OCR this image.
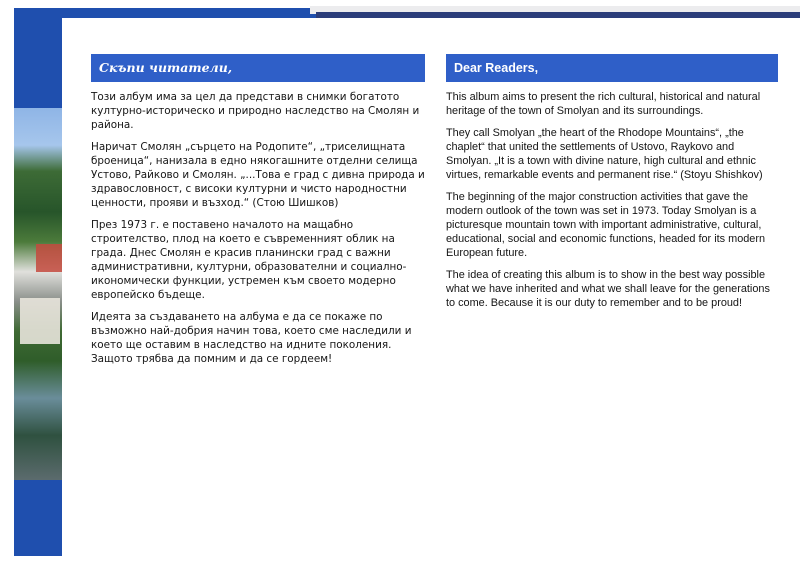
Скъпи читатели,

Този албум има за цел да представи в снимки богатото културно-историческо и природно наследство на Смолян и района.

Наричат Смолян „сърцето на Родопите“, „триселищната броеница“, нанизала в едно някогашните отделни селища Устово, Райково и Смолян. „...Това е град с дивна природа и здравословност, с високи културни и чисто народностни ценности, прояви и възход.“ (Стою Шишков)

През 1973 г. е поставено началото на мащабно строителство, плод на което е съвременният облик на града. Днес Смолян е красив планински град с важни административни, културни, образователни и социално-икономически функции, устремен към своето модерно европейско бъдеще.

Идеята за създаването на албума е да се покаже по възможно най-добрия начин това, което сме наследили и което ще оставим в наследство на идните поколения. Защото трябва да помним и да се гордеем!

Dear Readers,

This album aims to present the rich cultural, historical and natural heritage of the town of Smolyan and its surroundings.

They call Smolyan „the heart of the Rhodope Mountains“, „the chaplet“ that united the settlements of Ustovo, Raykovo and Smolyan. „It is a town with divine nature, high cultural and ethnic virtues, remarkable events and permanent rise.“ (Stoyu Shishkov)

The beginning of the major construction activities that gave the modern outlook of the town was set in 1973. Today Smolyan is a picturesque mountain town with important administrative, cultural, educational, social and economic functions, headed for its modern European future.

The idea of creating this album is to show in the best way possible what we have inherited and what we shall leave for the generations to come. Because it is our duty to remember and to be proud!
